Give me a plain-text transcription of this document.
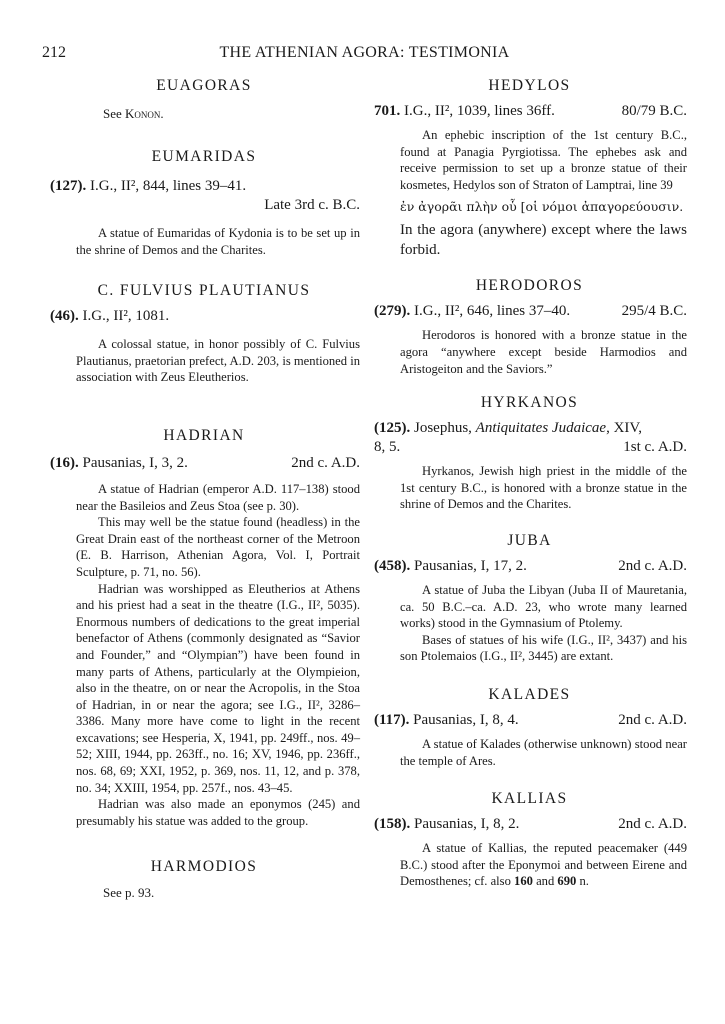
212	THE ATHENIAN AGORA: TESTIMONIA
EUAGORAS

See Konon.

EUMARIDAS
(127). I.G., II², 844, lines 39–41.
Late 3rd c. B.C.

A statue of Eumaridas of Kydonia is to be set up in the shrine of Demos and the Charites.

C. FULVIUS PLAUTIANUS
(46). I.G., II², 1081.

A colossal statue, in honor possibly of C. Fulvius Plautianus, praetorian prefect, A.D. 203, is mentioned in association with Zeus Eleutherios.

HADRIAN
(16). Pausanias, I, 3, 2.	2nd c. A.D.

A statue of Hadrian (emperor A.D. 117–138) stood near the Basileios and Zeus Stoa (see p. 30).

This may well be the statue found (headless) in the Great Drain east of the northeast corner of the Metroon (E. B. Harrison, Athenian Agora, Vol. I, Portrait Sculpture, p. 71, no. 56).

Hadrian was worshipped as Eleutherios at Athens and his priest had a seat in the theatre (I.G., II², 5035). Enormous numbers of dedications to the great imperial benefactor of Athens (commonly designated as “Savior and Founder,” and “Olympian”) have been found in many parts of Athens, particularly at the Olympieion, also in the theatre, on or near the Acropolis, in the Stoa of Hadrian, in or near the agora; see I.G., II², 3286–3386. Many more have come to light in the recent excavations; see Hesperia, X, 1941, pp. 249ff., nos. 49–52; XIII, 1944, pp. 263ff., no. 16; XV, 1946, pp. 236ff., nos. 68, 69; XXI, 1952, p. 369, nos. 11, 12, and p. 378, no. 34; XXIII, 1954, pp. 257f., nos. 43–45.

Hadrian was also made an eponymos (245) and presumably his statue was added to the group.

HARMODIOS

See p. 93.

HEDYLOS
701. I.G., II², 1039, lines 36ff.	80/79 B.C.

An ephebic inscription of the 1st century B.C., found at Panagia Pyrgiotissa. The ephebes ask and receive permission to set up a bronze statue of their kosmetes, Hedylos son of Straton of Lamptrai, line 39

ἐν ἀγορᾶι πλὴν οὗ [οἱ νόμοι ἀπαγορεύουσιν.

In the agora (anywhere) except where the laws forbid.

HERODOROS
(279). I.G., II², 646, lines 37–40.	295/4 B.C.

Herodoros is honored with a bronze statue in the agora “anywhere except beside Harmodios and Aristogeiton and the Saviors.”

HYRKANOS
(125). Josephus, Antiquitates Judaicae, XIV,
8, 5.	1st c. A.D.

Hyrkanos, Jewish high priest in the middle of the 1st century B.C., is honored with a bronze statue in the shrine of Demos and the Charites.

JUBA
(458). Pausanias, I, 17, 2.	2nd c. A.D.

A statue of Juba the Libyan (Juba II of Mauretania, ca. 50 B.C.–ca. A.D. 23, who wrote many learned works) stood in the Gymnasium of Ptolemy.

Bases of statues of his wife (I.G., II², 3437) and his son Ptolemaios (I.G., II², 3445) are extant.

KALADES
(117). Pausanias, I, 8, 4.	2nd c. A.D.

A statue of Kalades (otherwise unknown) stood near the temple of Ares.

KALLIAS
(158). Pausanias, I, 8, 2.	2nd c. A.D.

A statue of Kallias, the reputed peacemaker (449 B.C.) stood after the Eponymoi and between Eirene and Demosthenes; cf. also 160 and 690 n.
